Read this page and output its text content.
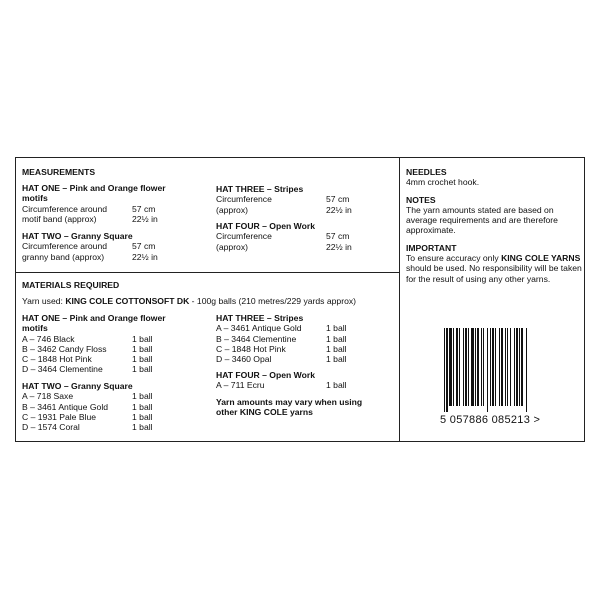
MEASUREMENTS
HAT ONE – Pink and Orange flower
motifs
Circumference around	57 cm
motif band (approx)	22½ in
HAT TWO – Granny Square
Circumference around	57 cm
granny band (approx)	22½ in
HAT THREE – Stripes
Circumference	57 cm
(approx)	22½ in
HAT FOUR – Open Work
Circumference	57 cm
(approx)	22½ in
MATERIALS REQUIRED
Yarn used: KING COLE COTTONSOFT DK - 100g balls (210 metres/229 yards approx)
HAT ONE – Pink and Orange flower
motifs
A – 746 Black	1 ball
B – 3462 Candy Floss	1 ball
C – 1848 Hot Pink	1 ball
D – 3464 Clementine	1 ball
HAT TWO – Granny Square
A – 718 Saxe	1 ball
B – 3461 Antique Gold	1 ball
C – 1931 Pale Blue	1 ball
D – 1574 Coral	1 ball
HAT THREE – Stripes
A – 3461 Antique Gold	1 ball
B – 3464 Clementine	1 ball
C – 1848 Hot Pink	1 ball
D – 3460 Opal	1 ball
HAT FOUR – Open Work
A – 711 Ecru	1 ball
Yarn amounts may vary when using
other KING COLE yarns
NEEDLES
4mm crochet hook.
NOTES
The yarn amounts stated are based on average requirements and are therefore approximate.
IMPORTANT
To ensure accuracy only KING COLE YARNS should be used. No responsibility will be taken for the result of using any other yarns.
5 057886 085213 >
